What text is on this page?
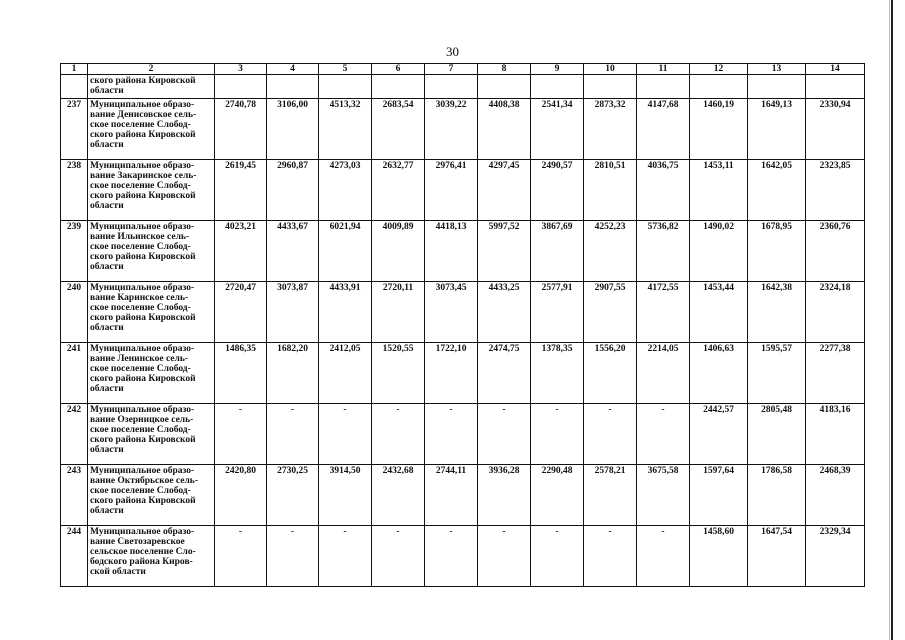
30
1	2	3	4	5	6	7	8	9	10	11	12	13	14
	ского района Кировской
области												
237	Муниципальное образо-
вание Денисовское сель-
ское поселение Слобод-
ского района Кировской
области	2740,78	3106,00	4513,32	2683,54	3039,22	4408,38	2541,34	2873,32	4147,68	1460,19	1649,13	2330,94
238	Муниципальное образо-
вание Закаринское сель-
ское поселение Слобод-
ского района Кировской
области	2619,45	2960,87	4273,03	2632,77	2976,41	4297,45	2490,57	2810,51	4036,75	1453,11	1642,05	2323,85
239	Муниципальное образо-
вание Ильинское сель-
ское поселение Слобод-
ского района Кировской
области	4023,21	4433,67	6021,94	4009,89	4418,13	5997,52	3867,69	4252,23	5736,82	1490,02	1678,95	2360,76
240	Муниципальное образо-
вание Каринское сель-
ское поселение Слобод-
ского района Кировской
области	2720,47	3073,87	4433,91	2720,11	3073,45	4433,25	2577,91	2907,55	4172,55	1453,44	1642,38	2324,18
241	Муниципальное образо-
вание Ленинское сель-
ское поселение Слобод-
ского района Кировской
области	1486,35	1682,20	2412,05	1520,55	1722,10	2474,75	1378,35	1556,20	2214,05	1406,63	1595,57	2277,38
242	Муниципальное образо-
вание Озерницкое сель-
ское поселение Слобод-
ского района Кировской
области	-	-	-	-	-	-	-	-	-	2442,57	2805,48	4183,16
243	Муниципальное образо-
вание Октябрьское сель-
ское поселение Слобод-
ского района Кировской
области	2420,80	2730,25	3914,50	2432,68	2744,11	3936,28	2290,48	2578,21	3675,58	1597,64	1786,58	2468,39
244	Муниципальное образо-
вание Светозаревское
сельское поселение Сло-
бодского района Киров-
ской области	-	-	-	-	-	-	-	-	-	1458,60	1647,54	2329,34
